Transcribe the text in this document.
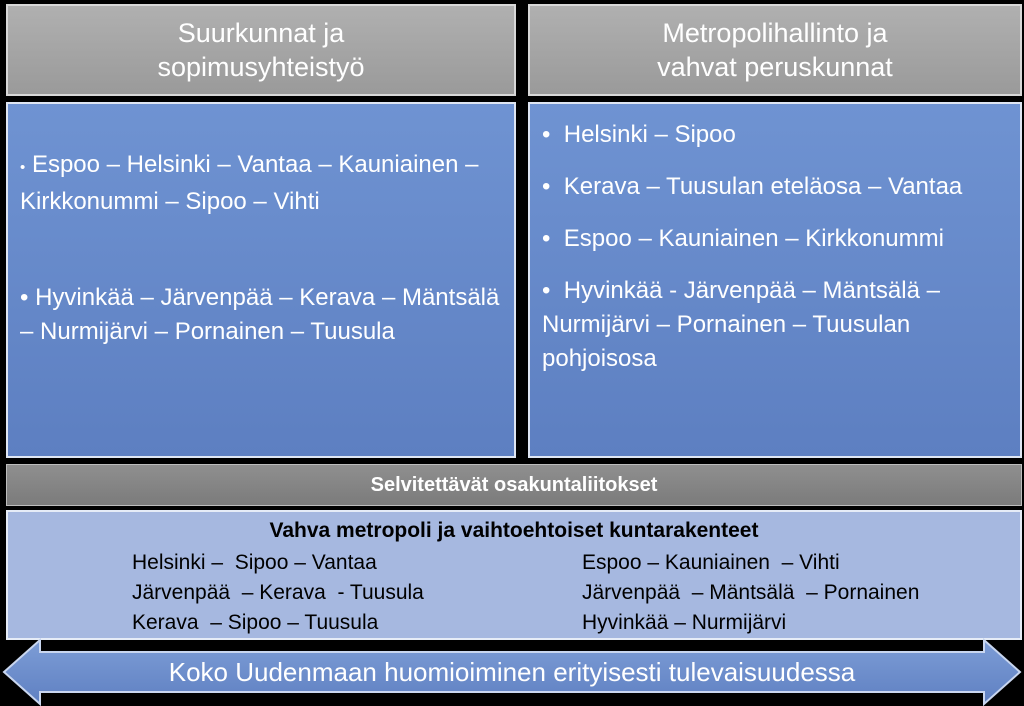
Suurkunnat ja
sopimusyhteistyö
Metropolihallinto ja
vahvat peruskunnat

• Espoo – Helsinki – Vantaa – Kauniainen – Kirkkonummi – Sipoo – Vihti

• Hyvinkää – Järvenpää – Kerava – Mäntsälä – Nurmijärvi – Pornainen – Tuusula

•  Helsinki – Sipoo

•  Kerava – Tuusulan eteläosa – Vantaa

•  Espoo – Kauniainen – Kirkkonummi

•  Hyvinkää - Järvenpää – Mäntsälä – Nurmijärvi – Pornainen – Tuusulan pohjoisosa

Selvitettävät osakuntaliitokset
Vahva metropoli ja vaihtoehtoiset kuntarakenteet
Helsinki –  Sipoo – Vantaa
Järvenpää  – Kerava  - Tuusula
Kerava  – Sipoo – Tuusula
Espoo – Kauniainen  – Vihti
Järvenpää  – Mäntsälä  – Pornainen
Hyvinkää – Nurmijärvi
Koko Uudenmaan huomioiminen erityisesti tulevaisuudessa
